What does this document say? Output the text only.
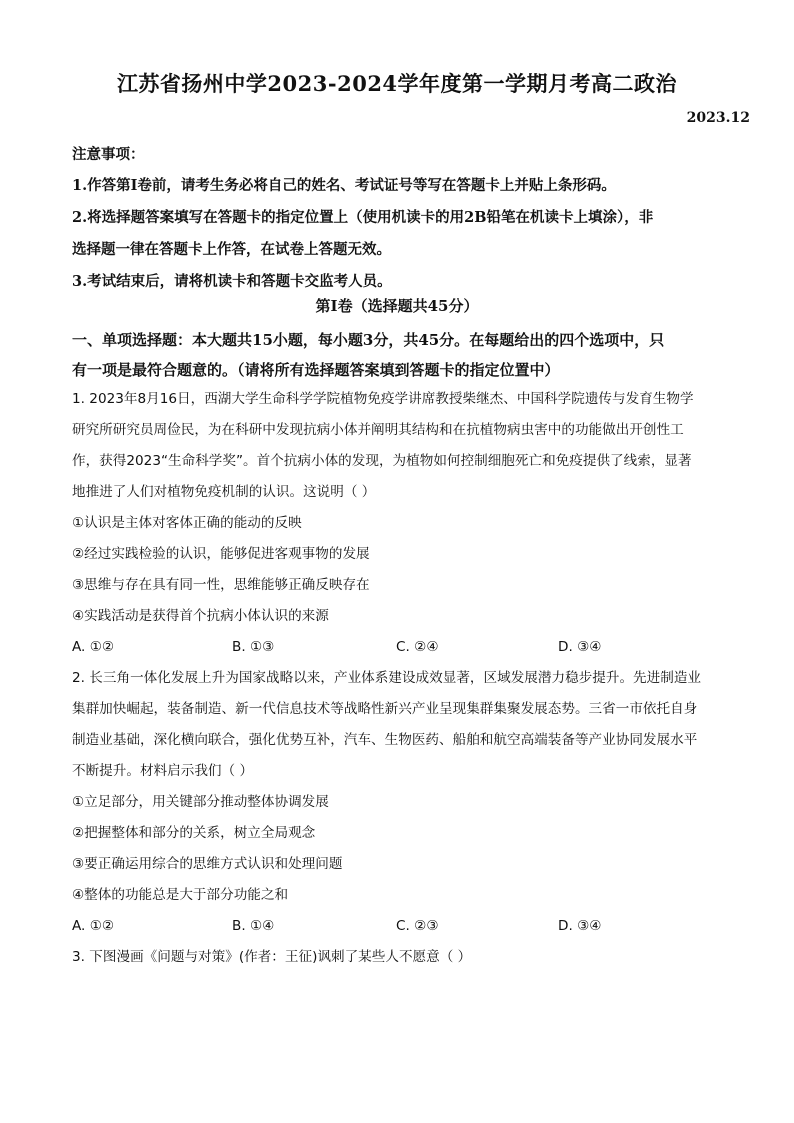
江苏省扬州中学2023-2024学年度第一学期月考高二政治
2023.12
注意事项：
1.作答第Ⅰ卷前，请考生务必将自己的姓名、考试证号等写在答题卡上并贴上条形码。
2.将选择题答案填写在答题卡的指定位置上（使用机读卡的用2B铅笔在机读卡上填涂），非
选择题一律在答题卡上作答，在试卷上答题无效。
3.考试结束后，请将机读卡和答题卡交监考人员。
第Ⅰ卷（选择题共45分）
一、单项选择题：本大题共15小题，每小题3分，共45分。在每题给出的四个选项中，只
有一项是最符合题意的。（请将所有选择题答案填到答题卡的指定位置中）
1. 2023年8月16日，西湖大学生命科学学院植物免疫学讲席教授柴继杰、中国科学院遗传与发育生物学
研究所研究员周俭民，为在科研中发现抗病小体并阐明其结构和在抗植物病虫害中的功能做出开创性工
作，获得2023“生命科学奖”。首个抗病小体的发现，为植物如何控制细胞死亡和免疫提供了线索，显著
地推进了人们对植物免疫机制的认识。这说明（ ）
①认识是主体对客体正确的能动的反映
②经过实践检验的认识，能够促进客观事物的发展
③思维与存在具有同一性，思维能够正确反映存在
④实践活动是获得首个抗病小体认识的来源
A. ①②	B. ①③	C. ②④	D. ③④
2. 长三角一体化发展上升为国家战略以来，产业体系建设成效显著，区域发展潜力稳步提升。先进制造业
集群加快崛起，装备制造、新一代信息技术等战略性新兴产业呈现集群集聚发展态势。三省一市依托自身
制造业基础，深化横向联合，强化优势互补，汽车、生物医药、船舶和航空高端装备等产业协同发展水平
不断提升。材料启示我们（ ）
①立足部分，用关键部分推动整体协调发展
②把握整体和部分的关系，树立全局观念
③要正确运用综合的思维方式认识和处理问题
④整体的功能总是大于部分功能之和
A. ①②	B. ①④	C. ②③	D. ③④
3. 下图漫画《问题与对策》(作者：王征)讽刺了某些人不愿意（ ）
